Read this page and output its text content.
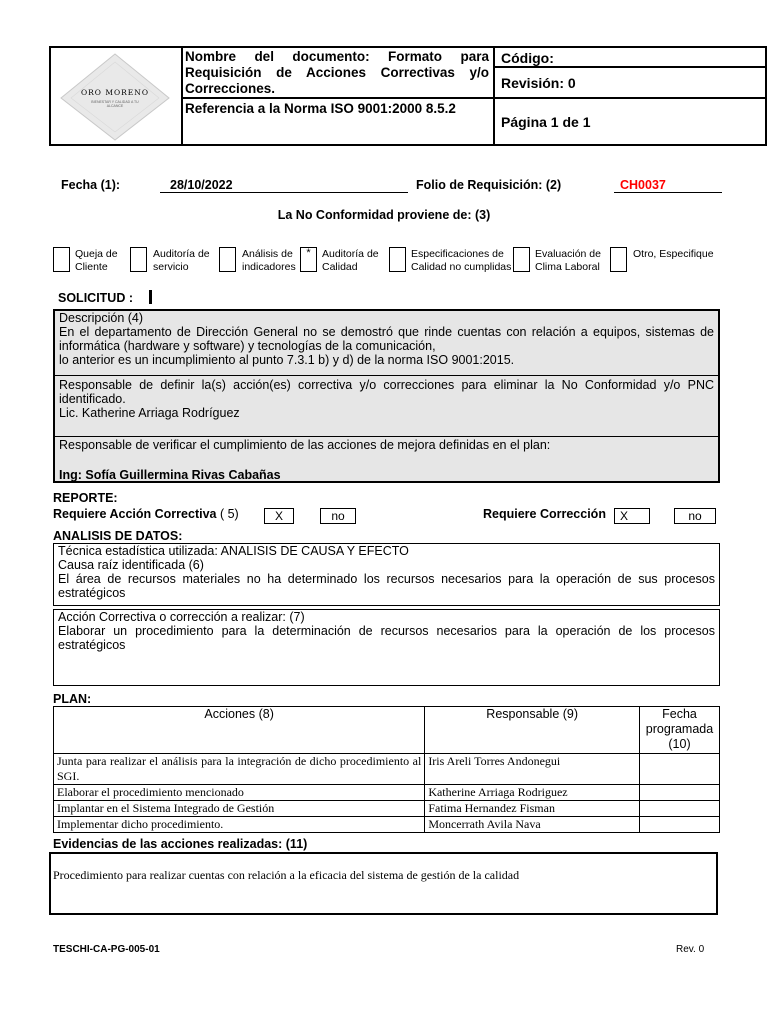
ORO MORENO
BIENESTAR Y CALIDAD A TU ALCANCE
Nombre del documento: Formato para
Requisición de Acciones Correctivas y/o
Correcciones.
Referencia a la Norma ISO 9001:2000 8.5.2
Código:
Revisión: 0
Página 1 de 1
Fecha (1):	28/10/2022	Folio de Requisición: (2)	CH0037
La No Conformidad proviene de: (3)
Queja de
Cliente
Auditoría de
servicio
Análisis de
indicadores
*	Auditoría de
Calidad
Especificaciones de
Calidad no cumplidas
Evaluación de
Clima Laboral
Otro, Especifique
SOLICITUD :
Descripción (4)
En el departamento de Dirección General no se demostró que rinde cuentas con relación a equipos, sistemas de
informática (hardware y software) y tecnologías de la comunicación,
lo anterior es un incumplimiento al punto 7.3.1 b) y d) de la norma ISO 9001:2015.
Responsable de definir la(s) acción(es) correctiva y/o correcciones para eliminar la No Conformidad y/o PNC
identificado.
Lic. Katherine Arriaga Rodríguez
Responsable de verificar el cumplimiento de las acciones de mejora definidas en el plan:
Ing: Sofía Guillermina Rivas Cabañas
REPORTE:
Requiere Acción Correctiva ( 5)	X	no	Requiere Corrección	X	no
ANALISIS DE DATOS:
Técnica estadística utilizada: ANALISIS DE CAUSA Y EFECTO
Causa raíz identificada (6)
El área de recursos materiales no ha determinado los recursos necesarios para la operación de sus procesos
estratégicos
Acción Correctiva o corrección a realizar: (7)
Elaborar un procedimiento para la determinación de recursos necesarios para la operación de los procesos
estratégicos
PLAN:
Acciones (8)	Responsable (9)	Fecha
programada
(10)
Junta para realizar el análisis para la integración de dicho procedimiento al SGI.	Iris Areli Torres Andonegui	
Elaborar el procedimiento mencionado	Katherine Arriaga Rodriguez	
Implantar en el Sistema Integrado de Gestión	Fatima Hernandez Fisman	
Implementar dicho procedimiento.	Moncerrath Avila Nava	
Evidencias de las acciones realizadas: (11)
Procedimiento para realizar cuentas con relación a la eficacia del sistema de gestión de la calidad
TESCHI-CA-PG-005-01	Rev. 0
